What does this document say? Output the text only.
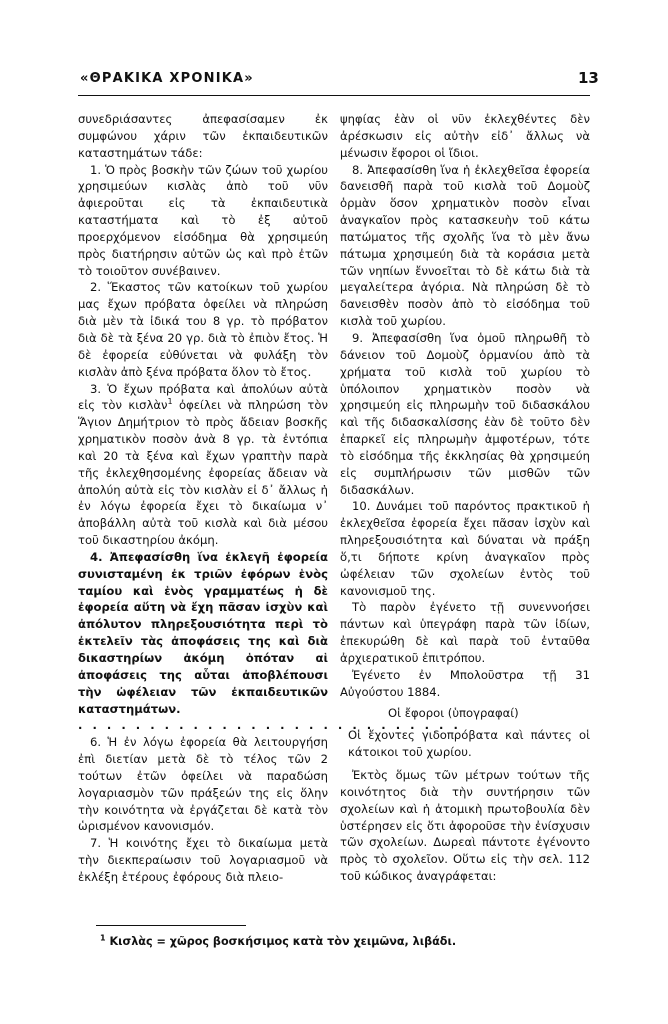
«ΘΡΑΚΙΚΑ ΧΡΟΝΙΚΑ»	13

συνεδριάσαντες ἀπεφασίσαμεν ἐκ συμφώνου χάριν τῶν ἐκπαιδευτικῶν καταστημάτων τάδε:

1. Ὁ πρὸς βοσκὴν τῶν ζώων τοῦ χωρίου χρησιμεύων κισλὰς ἀπὸ τοῦ νῦν ἀφιεροῦται εἰς τὰ ἐκπαιδευτικὰ καταστήματα καὶ τὸ ἐξ αὐτοῦ προερχόμενον εἰσόδημα θὰ χρησιμεύη πρὸς διατήρησιν αὐτῶν ὡς καὶ πρὸ ἐτῶν τὸ τοιοῦτον συνέβαινεν.

2. Ἕκαστος τῶν κατοίκων τοῦ χωρίου μας ἔχων πρόβατα ὀφείλει νὰ πληρώση διὰ μὲν τὰ ἰδικά του 8 γρ. τὸ πρόβατον διὰ δὲ τὰ ξένα 20 γρ. διὰ τὸ ἐπιὸν ἔτος. Ἡ δὲ ἐφορεία εὐθύνεται νὰ φυλάξη τὸν κισλὰν ἀπὸ ξένα πρόβατα ὅλον τὸ ἔτος.

3. Ὁ ἔχων πρόβατα καὶ ἀπολύων αὐτὰ εἰς τὸν κισλὰν$^1$ ὀφείλει νὰ πληρώση τὸν Ἅγιον Δημήτριον τὸ πρὸς ἄδειαν βοσκῆς χρηματικὸν ποσὸν ἀνὰ 8 γρ. τὰ ἐντόπια καὶ 20 τὰ ξένα καὶ ἔχων γραπτὴν παρὰ τῆς ἐκλεχθησομένης ἐφορείας ἄδειαν νὰ ἀπολύη αὐτὰ εἰς τὸν κισλὰν εἰ δ᾿ ἄλλως ἡ ἐν λόγω ἐφορεία ἔχει τὸ δικαίωμα ν᾿ ἀποβάλλη αὐτὰ τοῦ κισλὰ καὶ διὰ μέσου τοῦ δικαστηρίου ἀκόμη.

4. Ἀπεφασίσθη ἵνα ἐκλεγῆ ἐφορεία συνισταμένη ἐκ τριῶν ἐφόρων ἑνὸς ταμίου καὶ ἑνὸς γραμματέως ἡ δὲ ἐφορεία αὕτη νὰ ἔχη πᾶσαν ἰσχὺν καὶ ἀπόλυτον πληρεξουσιότητα περὶ τὸ ἐκτελεῖν τὰς ἀποφάσεις της καὶ διὰ δικαστηρίων ἀκόμη ὁπόταν αἱ ἀποφάσεις της αὗται ἀποβλέπουσι τὴν ὠφέλειαν τῶν ἐκπαιδευτικῶν καταστημάτων.

. . . . . . . . . . . . . . . . . . . . . . . . . . .

6. Ἡ ἐν λόγω ἐφορεία θὰ λειτουργήση ἐπὶ διετίαν μετὰ δὲ τὸ τέλος τῶν 2 τούτων ἐτῶν ὀφείλει νὰ παραδώση λογαριασμὸν τῶν πράξεών της εἰς ὅλην τὴν κοινότητα νὰ ἐργάζεται δὲ κατὰ τὸν ὡρισμένον κανονισμόν.

7. Ἡ κοινότης ἔχει τὸ δικαίωμα μετὰ τὴν διεκπεραίωσιν τοῦ λογαριασμοῦ νὰ ἐκλέξη ἑτέρους ἐφόρους διὰ πλειο-

ψηφίας ἐὰν οἱ νῦν ἐκλεχθέντες δὲν ἀρέσκωσιν εἰς αὐτὴν εἰδ᾿ ἄλλως νὰ μένωσιν ἔφοροι οἱ ἴδιοι.

8. Ἀπεφασίσθη ἵνα ἡ ἐκλεχθεῖσα ἐφορεία δανεισθῆ παρὰ τοῦ κισλὰ τοῦ Δομοὺζ ὁρμὰν ὅσον χρηματικὸν ποσὸν εἶναι ἀναγκαῖον πρὸς κατασκευὴν τοῦ κάτω πατώματος τῆς σχολῆς ἵνα τὸ μὲν ἄνω πάτωμα χρησιμεύη διὰ τὰ κοράσια μετὰ τῶν νηπίων ἔννοεῖται τὸ δὲ κάτω διὰ τὰ μεγαλείτερα ἀγόρια. Νὰ πληρώση δὲ τὸ δανεισθὲν ποσὸν ἀπὸ τὸ εἰσόδημα τοῦ κισλὰ τοῦ χωρίου.

9. Ἀπεφασίσθη ἵνα ὁμοῦ πληρωθῆ τὸ δάνειον τοῦ Δομοὺζ ὁρμανίου ἀπὸ τὰ χρήματα τοῦ κισλὰ τοῦ χωρίου τὸ ὑπόλοιπον χρηματικὸν ποσὸν νὰ χρησιμεύη εἰς πληρωμὴν τοῦ διδασκάλου καὶ τῆς διδασκαλίσσης ἐὰν δὲ τοῦτο δὲν ἐπαρκεῖ εἰς πληρωμὴν ἀμφοτέρων, τότε τὸ εἰσόδημα τῆς ἐκκλησίας θὰ χρησιμεύη εἰς συμπλήρωσιν τῶν μισθῶν τῶν διδασκάλων.

10. Δυνάμει τοῦ παρόντος πρακτικοῦ ἡ ἐκλεχθεῖσα ἐφορεία ἔχει πᾶσαν ἰσχὺν καὶ πληρεξουσιότητα καὶ δύναται νὰ πράξη ὅ,τι δήποτε κρίνη ἀναγκαῖον πρὸς ὠφέλειαν τῶν σχολείων ἐντὸς τοῦ κανονισμοῦ της.

Τὸ παρὸν ἐγένετο τῇ συνεννοήσει πάντων καὶ ὑπεγράφη παρὰ τῶν ἰδίων, ἐπεκυρώθη δὲ καὶ παρὰ τοῦ ἐνταῦθα ἀρχιερατικοῦ ἐπιτρόπου.

Ἐγένετο ἐν Μπολοῦστρα τῇ 31 Αὐγούστου 1884.

Οἱ ἔφοροι (ὑπογραφαί)

Οἱ ἔχοντες γιδοπρόβατα καὶ πάντες οἱ κάτοικοι τοῦ χωρίου.

Ἐκτὸς ὅμως τῶν μέτρων τούτων τῆς κοινότητος διὰ τὴν συντήρησιν τῶν σχολείων καὶ ἡ ἀτομικὴ πρωτοβουλία δὲν ὑστέρησεν εἰς ὅτι ἀφοροῦσε τὴν ἐνίσχυσιν τῶν σχολείων. Δωρεαὶ πάντοτε ἐγένοντο πρὸς τὸ σχολεῖον. Οὕτω εἰς τὴν σελ. 112 τοῦ κώδικος ἀναγράφεται:

$^1$ Κισλὰς = χῶρος βοσκήσιμος κατὰ τὸν χειμῶνα, λιβάδι.
